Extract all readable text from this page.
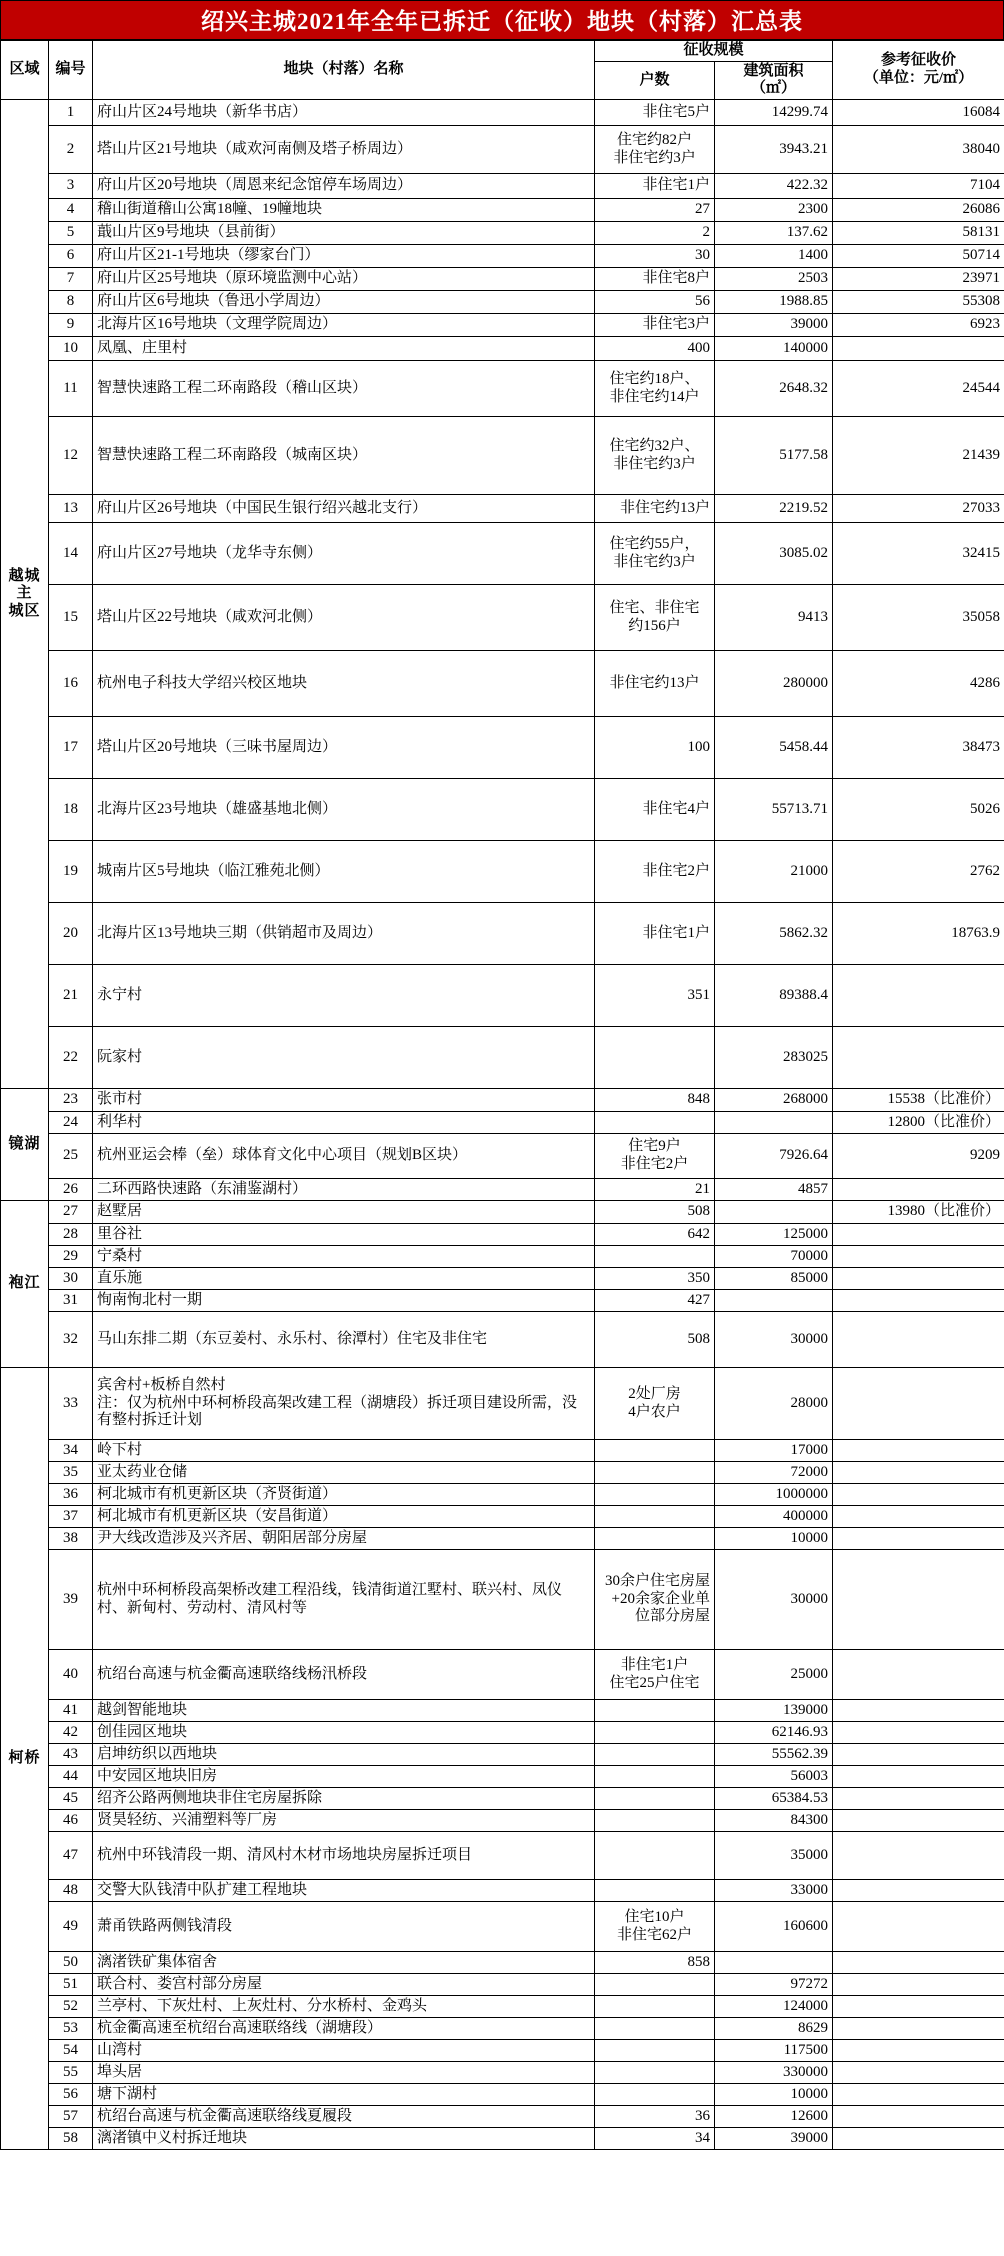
绍兴主城2021年全年已拆迁（征收）地块（村落）汇总表
区域	编号	地块（村落）名称	征收规模		参考征收价
（单位：元/㎡）

			户数	建筑面积
（㎡）	

越城主
城区	1	府山片区24号地块（新华书店）	非住宅5户	14299.74	16084
	2	塔山片区21号地块（咸欢河南侧及塔子桥周边）	住宅约82户
非住宅约3户	3943.21	38040
	3	府山片区20号地块（周恩来纪念馆停车场周边）	非住宅1户	422.32	7104
	4	稽山街道稽山公寓18幢、19幢地块	27	2300	26086
	5	蕺山片区9号地块（县前街）	2	137.62	58131
	6	府山片区21-1号地块（缪家台门）	30	1400	50714
	7	府山片区25号地块（原环境监测中心站）	非住宅8户	2503	23971
	8	府山片区6号地块（鲁迅小学周边）	56	1988.85	55308
	9	北海片区16号地块（文理学院周边）	非住宅3户	39000	6923
	10	凤凰、庄里村	400	140000	
	11	智慧快速路工程二环南路段（稽山区块）	住宅约18户、
非住宅约14户	2648.32	24544
	12	智慧快速路工程二环南路段（城南区块）	住宅约32户、
非住宅约3户	5177.58	21439
	13	府山片区26号地块（中国民生银行绍兴越北支行）	非住宅约13户	2219.52	27033
	14	府山片区27号地块（龙华寺东侧）	住宅约55户，
非住宅约3户	3085.02	32415
	15	塔山片区22号地块（咸欢河北侧）	住宅、非住宅
约156户	9413	35058
	16	杭州电子科技大学绍兴校区地块	非住宅约13户	280000	4286
	17	塔山片区20号地块（三味书屋周边）	100	5458.44	38473
	18	北海片区23号地块（雄盛基地北侧）	非住宅4户	55713.71	5026
	19	城南片区5号地块（临江雅苑北侧）	非住宅2户	21000	2762
	20	北海片区13号地块三期（供销超市及周边）	非住宅1户	5862.32	18763.9
	21	永宁村	351	89388.4	
	22	阮家村		283025	
镜湖	23	张市村	848	268000	15538（比准价）
	24	利华村			12800（比准价）
	25	杭州亚运会棒（垒）球体育文化中心项目（规划B区块）	住宅9户
非住宅2户	7926.64	9209
	26	二环西路快速路（东浦鉴湖村）	21	4857	
袍江	27	赵墅居	508		13980（比准价）
	28	里谷社	642	125000	
	29	宁桑村		70000	
	30	直乐施	350	85000	
	31	恂南恂北村一期	427		
	32	马山东排二期（东豆姜村、永乐村、徐潭村）住宅及非住宅	508	30000	
柯桥	33	宾舍村+板桥自然村
注：仅为杭州中环柯桥段高架改建工程（湖塘段）拆迁项目建设所需，没有整村拆迁计划	2处厂房
4户农户	28000	
	34	岭下村		17000	
	35	亚太药业仓储		72000	
	36	柯北城市有机更新区块（齐贤街道）		1000000	
	37	柯北城市有机更新区块（安昌街道）		400000	
	38	尹大线改造涉及兴齐居、朝阳居部分房屋		10000	
	39	杭州中环柯桥段高架桥改建工程沿线，钱清街道江墅村、联兴村、凤仪村、新甸村、劳动村、清风村等	30余户住宅房屋+20余家企业单位部分房屋	30000	
	40	杭绍台高速与杭金衢高速联络线杨汛桥段	非住宅1户
住宅25户住宅	25000	
	41	越剑智能地块		139000	
	42	创佳园区地块		62146.93	
	43	启坤纺织以西地块		55562.39	
	44	中安园区地块旧房		56003	
	45	绍齐公路两侧地块非住宅房屋拆除		65384.53	
	46	贤昊轻纺、兴浦塑料等厂房		84300	
	47	杭州中环钱清段一期、清风村木材市场地块房屋拆迁项目		35000	
	48	交警大队钱清中队扩建工程地块		33000	
	49	萧甬铁路两侧钱清段	住宅10户
非住宅62户	160600	
	50	漓渚铁矿集体宿舍	858		
	51	联合村、娄宫村部分房屋		97272	
	52	兰亭村、下灰灶村、上灰灶村、分水桥村、金鸡头		124000	
	53	杭金衢高速至杭绍台高速联络线（湖塘段）		8629	
	54	山湾村		117500	
	55	埠头居		330000	
	56	塘下湖村		10000	
	57	杭绍台高速与杭金衢高速联络线夏履段	36	12600	
	58	漓渚镇中义村拆迁地块	34	39000	
